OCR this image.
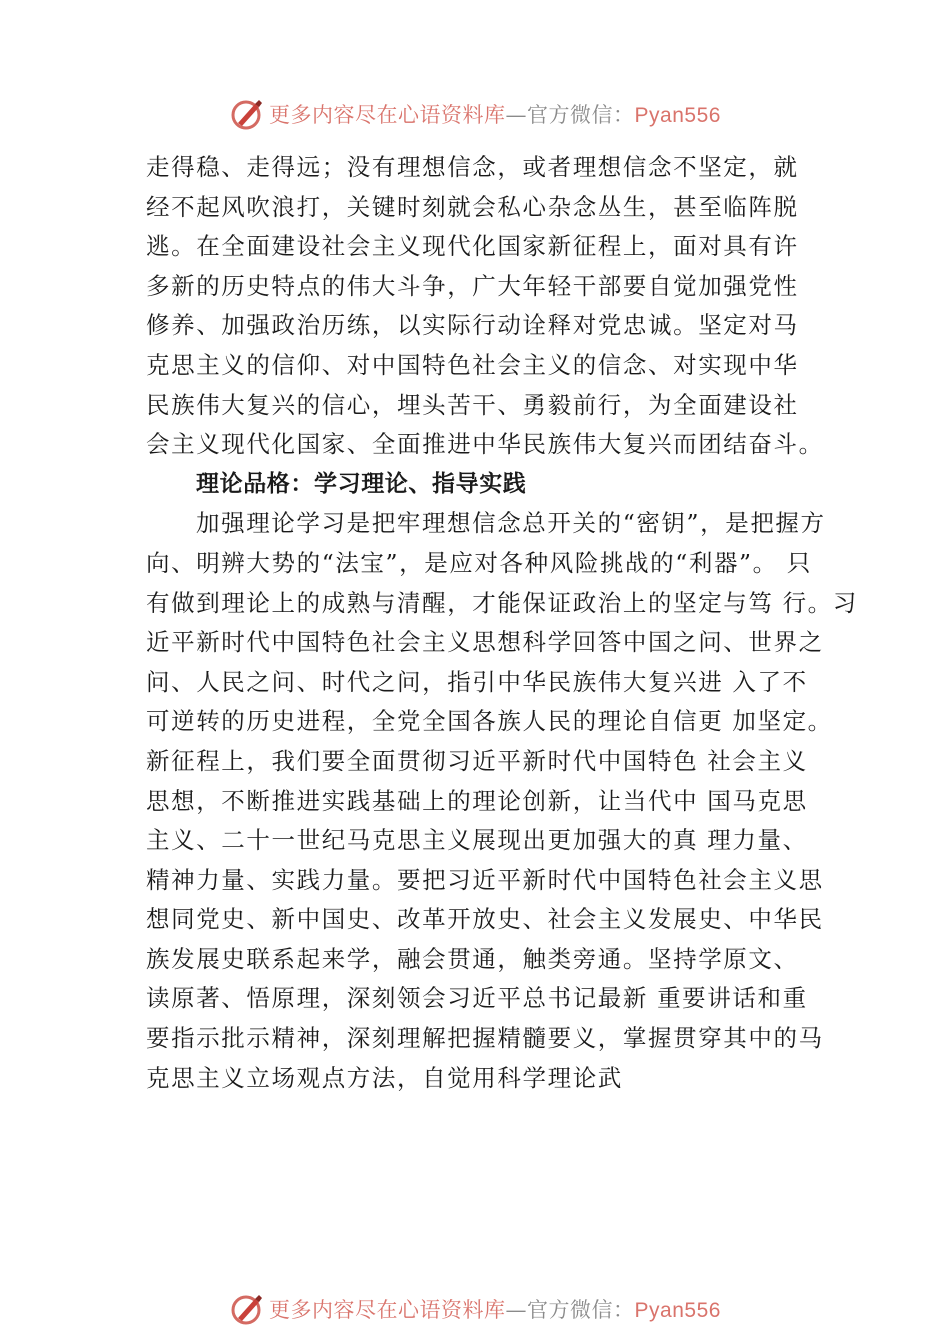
更多内容尽在心语资料库—官方微信：Pyan556
走得稳、走得远；没有理想信念，或者理想信念不坚定，就
经不起风吹浪打，关键时刻就会私心杂念丛生，甚至临阵脱
逃。在全面建设社会主义现代化国家新征程上，面对具有许
多新的历史特点的伟大斗争，广大年轻干部要自觉加强党性
修养、加强政治历练，以实际行动诠释对党忠诚。坚定对马
克思主义的信仰、对中国特色社会主义的信念、对实现中华
民族伟大复兴的信心，埋头苦干、勇毅前行，为全面建设社
会主义现代化国家、全面推进中华民族伟大复兴而团结奋斗。
理论品格：学习理论、指导实践
加强理论学习是把牢理想信念总开关的“密钥”，是把握方
向、明辨大势的“法宝”，是应对各种风险挑战的“利器”。 只
有做到理论上的成熟与清醒，才能保证政治上的坚定与笃 行。习
近平新时代中国特色社会主义思想科学回答中国之问、世界之
问、人民之问、时代之问，指引中华民族伟大复兴进 入了不
可逆转的历史进程，全党全国各族人民的理论自信更 加坚定。
新征程上，我们要全面贯彻习近平新时代中国特色 社会主义
思想，不断推进实践基础上的理论创新，让当代中 国马克思
主义、二十一世纪马克思主义展现出更加强大的真 理力量、
精神力量、实践力量。要把习近平新时代中国特色社会主义思
想同党史、新中国史、改革开放史、社会主义发展史、中华民
族发展史联系起来学，融会贯通，触类旁通。坚持学原文、
读原著、悟原理，深刻领会习近平总书记最新 重要讲话和重
要指示批示精神，深刻理解把握精髓要义，掌握贯穿其中的马
克思主义立场观点方法，自觉用科学理论武
更多内容尽在心语资料库—官方微信：Pyan556
